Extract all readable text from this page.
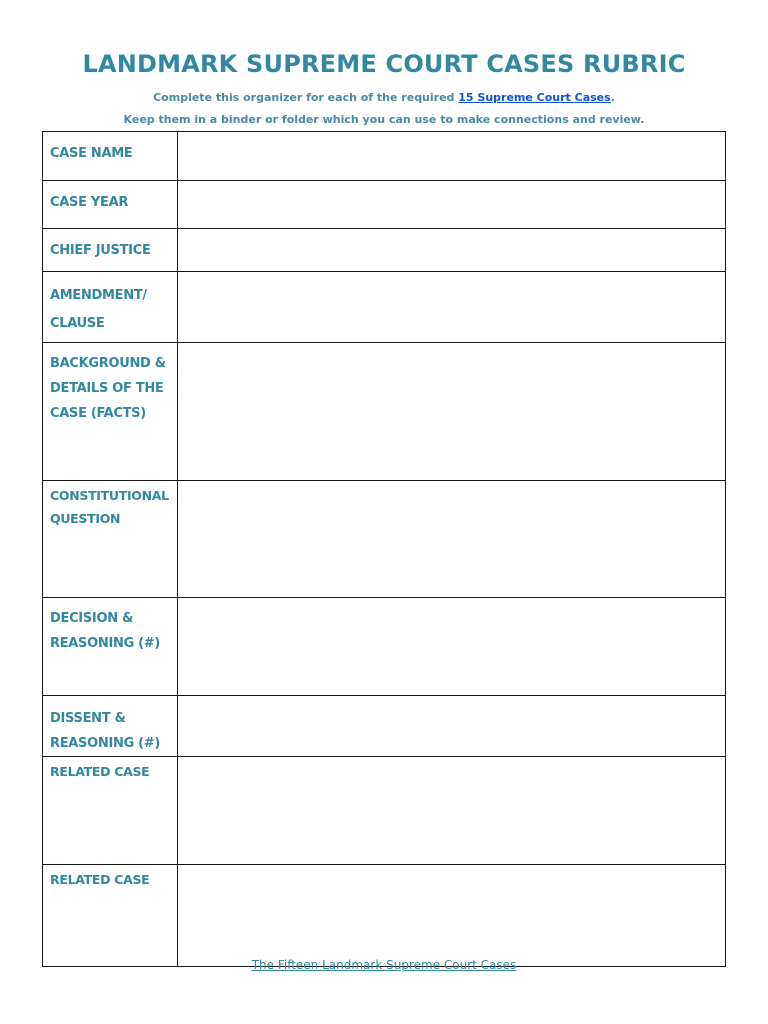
LANDMARK SUPREME COURT CASES RUBRIC
Complete this organizer for each of the required 15 Supreme Court Cases.
Keep them in a binder or folder which you can use to make connections and review.
CASE NAME	

CASE YEAR	

CHIEF JUSTICE	

AMENDMENT/
CLAUSE	

BACKGROUND &
DETAILS OF THE
CASE (FACTS)	

CONSTITUTIONAL
QUESTION	

DECISION &
REASONING (#)	

DISSENT &
REASONING (#)	

RELATED CASE	

RELATED CASE	

The Fifteen Landmark Supreme Court Cases
